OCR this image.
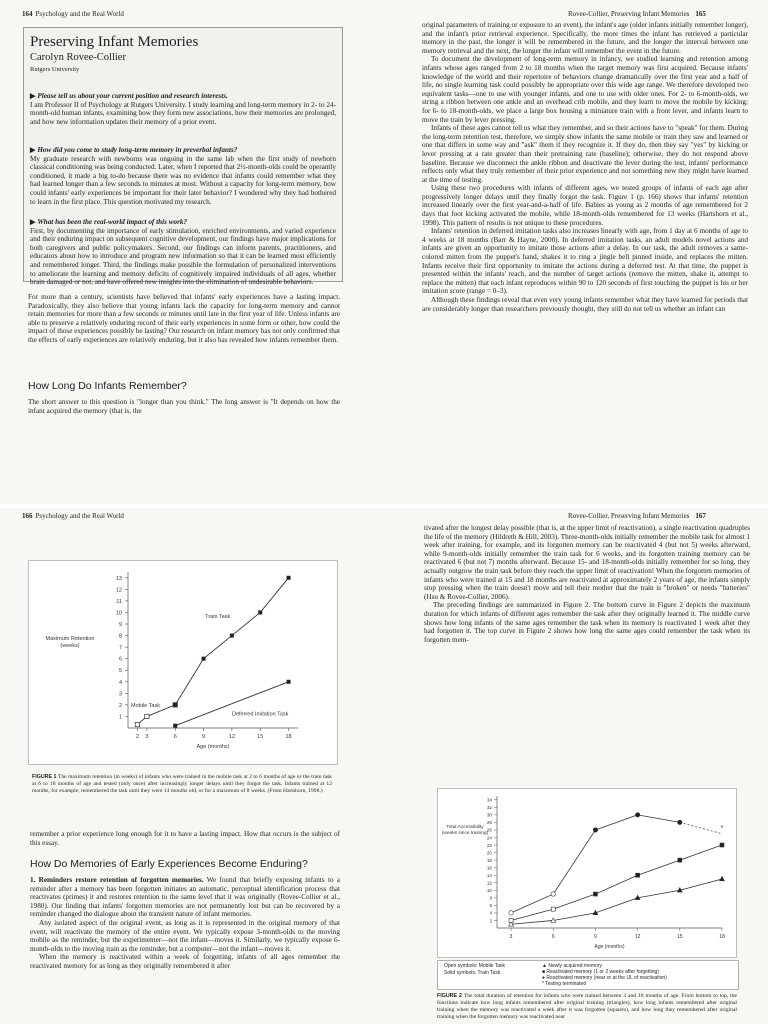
164 Psychology and the Real World	Rovee-Collier, Preserving Infant Memories 165
Preserving Infant Memories
Carolyn Rovee-Collier
Rutgers University
▶ Please tell us about your current position and research interests.
I am Professor II of Psychology at Rutgers University. I study learning and long-term memory in 2- to 24-month-old human infants, examining how they form new associations, how their memories are prolonged, and how new information updates their memory of a prior event.
▶ How did you come to study long-term memory in preverbal infants?
My graduate research with newborns was ongoing in the same lab when the first study of newborn classical conditioning was being conducted. Later, when I reported that 2½-month-olds could be operantly conditioned, it made a big to-do because there was no evidence that infants could remember what they had learned longer than a few seconds to minutes at most. Without a capacity for long-term memory, how could infants' early experiences be important for their later behavior? I wondered why they had bothered to learn in the first place. This question motivated my research.
▶ What has been the real-world impact of this work?
First, by documenting the importance of early stimulation, enriched environments, and varied experience and their enduring impact on subsequent cognitive development, our findings have major implications for both caregivers and public policymakers. Second, our findings can inform parents, practitioners, and educators about how to introduce and program new information so that it can be learned most efficiently and remembered longer. Third, the findings make possible the formulation of personalized interventions to ameliorate the learning and memory deficits of cognitively impaired individuals of all ages, whether brain damaged or not, and have offered new insights into the elimination of undesirable behaviors.

For more than a century, scientists have believed that infants' early experiences have a lasting impact. Paradoxically, they also believe that young infants lack the capacity for long-term memory and cannot retain memories for more than a few seconds or minutes until late in the first year of life. Unless infants are able to preserve a relatively enduring record of their early experiences in some form or other, how could the impact of those experiences possibly be lasting? Our research on infant memory has not only confirmed that the effects of early experiences are relatively enduring, but it also has revealed how infants remember them.

How Long Do Infants Remember?

The short answer to this question is "longer than you think." The long answer is "It depends on how the infant acquired the memory (that is, the

original parameters of training or exposure to an event), the infant's age (older infants initially remember longer), and the infant's prior retrieval experience. Specifically, the more times the infant has retrieved a particular memory in the past, the longer it will be remembered in the future, and the longer the interval between one memory retrieval and the next, the longer the infant will remember the event in the future.

To document the development of long-term memory in infancy, we studied learning and retention among infants whose ages ranged from 2 to 18 months when the target memory was first acquired. Because infants' knowledge of the world and their repertoire of behaviors change dramatically over the first year and a half of life, no single learning task could possibly be appropriate over this wide age range. We therefore developed two equivalent tasks—one to use with younger infants, and one to use with older ones. For 2- to 6-month-olds, we string a ribbon between one ankle and an overhead crib mobile, and they learn to move the mobile by kicking; for 6- to 18-month-olds, we place a large box housing a miniature train with a front lever, and infants learn to move the train by lever pressing.

Infants of these ages cannot tell us what they remember, and so their actions have to "speak" for them. During the long-term retention test, therefore, we simply show infants the same mobile or train they saw and learned or one that differs in some way and "ask" them if they recognize it. If they do, then they say "yes" by kicking or lever pressing at a rate greater than their pretraining rate (baseline); otherwise, they do not respond above baseline. Because we disconnect the ankle ribbon and deactivate the lever during the test, infants' performance reflects only what they truly remember of their prior experience and not something new they might have learned at the time of testing.

Using these two procedures with infants of different ages, we tested groups of infants of each age after progressively longer delays until they finally forgot the task. Figure 1 (p. 166) shows that infants' retention increased linearly over the first year-and-a-half of life. Babies as young as 2 months of age remembered for 2 days that foot kicking activated the mobile, while 18-month-olds remembered for 13 weeks (Hartshorn et al., 1998). This pattern of results is not unique to these procedures.

Infants' retention in deferred imitation tasks also increases linearly with age, from 1 day at 6 months of age to 4 weeks at 18 months (Barr & Hayne, 2000). In deferred imitation tasks, an adult models novel actions and infants are given an opportunity to imitate those actions after a delay. In our task, the adult removes a same-colored mitten from the puppet's hand, shakes it to ring a jingle bell pinned inside, and replaces the mitten. Infants receive their first opportunity to imitate the actions during a deferred test. At that time, the puppet is presented within the infants' reach, and the number of target actions (remove the mitten, shake it, attempt to replace the mitten) that each infant reproduces within 90 to 120 seconds of first touching the puppet is his or her imitation score (range = 0–3).

Although these findings reveal that even very young infants remember what they have learned for periods that are considerably longer than researchers previously thought, they still do not tell us whether an infant can

166 Psychology and the Real World	Rovee-Collier, Preserving Infant Memories 167
1
2
3
4
5
6
7
8
9
10
11
12
13
2 3	6	9	12	15	18
Age (months)
Maximum Retention
(weeks)
Mobile Task
Train Task
Deferred Imitation Task
FIGURE 1 The maximum retention (in weeks) of infants who were trained in the mobile task at 2 to 6 months of age or the train task at 6 to 18 months of age and tested (only once) after increasingly longer delays until they forgot the task. Infants trained at 12 months, for example, remembered the task until they were 14 months old, or for a maximum of 8 weeks. (From Hartshorn, 1998.)

remember a prior experience long enough for it to have a lasting impact. How that occurs is the subject of this essay.

How Do Memories of Early Experiences Become Enduring?

1. Reminders restore retention of forgotten memories. We found that briefly exposing infants to a reminder after a memory has been forgotten initiates an automatic, perceptual identification process that reactivates (primes) it and restores retention to the same level that it was originally (Rovee-Collier et al., 1980). Our finding that infants' forgotten memories are not permanently lost but can be recovered by a reminder changed the dialogue about the transient nature of infant memories.

Any isolated aspect of the original event, as long as it is represented in the original memory of that event, will reactivate the memory of the entire event. We typically expose 3-month-olds to the moving mobile as the reminder, but the experimenter—not the infant—moves it. Similarly, we typically expose 6-month-olds to the moving train as the reminder, but a computer—not the infant—moves it.

When the memory is reactivated within a week of forgetting, infants of all ages remember the reactivated memory for as long as they originally remembered it after

tivated after the longest delay possible (that is, at the upper limit of reactivation), a single reactivation quadruples the life of the memory (Hildreth & Hill, 2003). Three-month-olds initially remember the mobile task for almost 1 week after training, for example, and its forgotten memory can be reactivated 4 (but not 5) weeks afterward, while 9-month-olds initially remember the train task for 6 weeks, and its forgotten training memory can be reactivated 6 (but not 7) months afterward. Because 15- and 18-month-olds initially remember for so long, they actually outgrow the train task before they reach the upper limit of reactivation! When the forgotten memories of infants who were trained at 15 and 18 months are reactivated at approximately 2 years of age, the infants simply stop pressing when the train doesn't move and tell their mother that the train is "broken" or needs "batteries" (Hsu & Rovee-Collier, 2006).

The preceding findings are summarized in Figure 2. The bottom curve in Figure 2 depicts the maximum duration for which infants of different ages remember the task after they originally learned it. The middle curve shows how long infants of the same ages remember the task when its memory is reactivated 1 week after they had forgotten it. The top curve in Figure 2 shows how long the same ages could remember the task when its forgotten mem-

2
4
6
8
10
12
14
16
18
20
22
24
26
28
30
32
34
3	6	9	12	15	18
Age (months)
Total Accessibility
(weeks since training)
*
Open symbols: Mobile Task
Solid symbols: Train Task
▲ Newly acquired memory
■ Reactivated memory (1 or 2 weeks after forgetting)
● Reactivated memory (near or at the UL of reactivation)
* Testing terminated
FIGURE 2 The total duration of retention for infants who were trained between 3 and 18 months of age. From bottom to top, the functions indicate how long infants remembered after original training (triangles), how long infants remembered after original training when the memory was reactivated a week after it was forgotten (squares), and how long they remembered after original training when the forgotten memory was reactivated near
